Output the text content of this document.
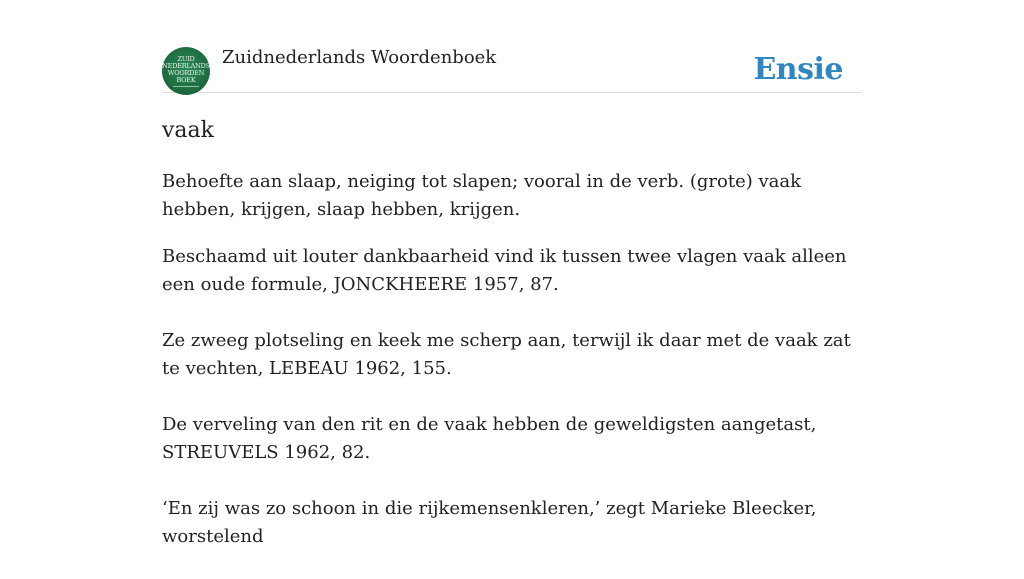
ZUID
NEDERLANDS
WOORDEN
BOEK
Zuidnederlands Woordenboek	Ensie
vaak

Behoefte aan slaap, neiging tot slapen; vooral in de verb. (grote) vaak hebben, krijgen, slaap hebben, krijgen.

Beschaamd uit louter dankbaarheid vind ik tussen twee vlagen vaak alleen een oude formule, JONCKHEERE 1957, 87.

Ze zweeg plotseling en keek me scherp aan, terwijl ik daar met de vaak zat te vechten, LEBEAU 1962, 155.

De verveling van den rit en de vaak hebben de geweldigsten aangetast, STREUVELS 1962, 82.

‘En zij was zo schoon in die rijkemensenkleren,’ zegt Marieke Bleecker, worstelend
